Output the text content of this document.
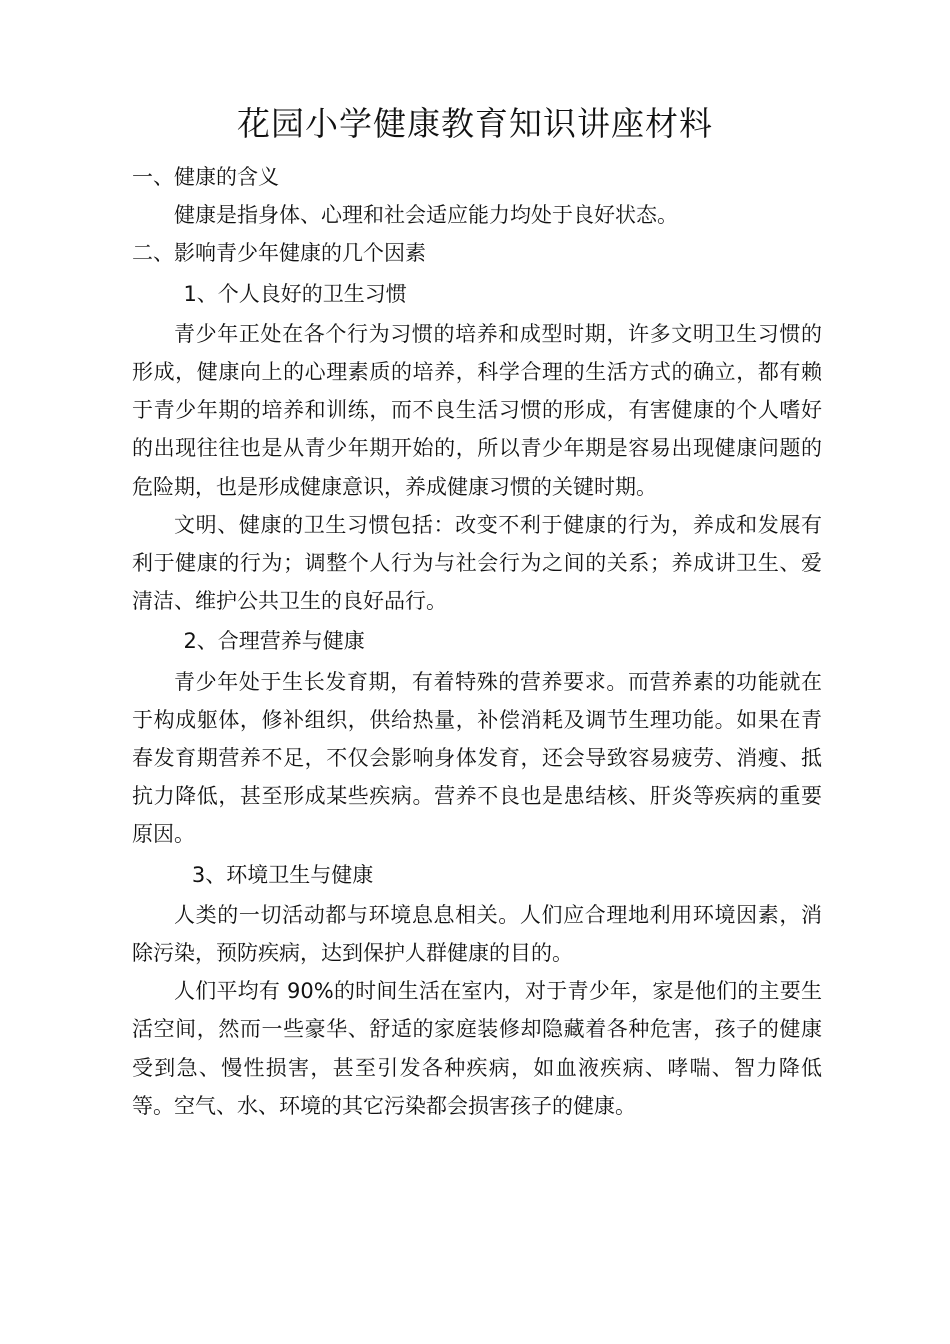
花园小学健康教育知识讲座材料
一、健康的含义

健康是指身体、心理和社会适应能力均处于良好状态。

二、影响青少年健康的几个因素

1、个人良好的卫生习惯

青少年正处在各个行为习惯的培养和成型时期，许多文明卫生习惯的形成，健康向上的心理素质的培养，科学合理的生活方式的确立，都有赖于青少年期的培养和训练，而不良生活习惯的形成，有害健康的个人嗜好的出现往往也是从青少年期开始的，所以青少年期是容易出现健康问题的危险期，也是形成健康意识，养成健康习惯的关键时期。

文明、健康的卫生习惯包括：改变不利于健康的行为，养成和发展有利于健康的行为；调整个人行为与社会行为之间的关系；养成讲卫生、爱清洁、维护公共卫生的良好品行。

2、合理营养与健康

青少年处于生长发育期，有着特殊的营养要求。而营养素的功能就在于构成躯体，修补组织，供给热量，补偿消耗及调节生理功能。如果在青春发育期营养不足，不仅会影响身体发育，还会导致容易疲劳、消瘦、抵抗力降低，甚至形成某些疾病。营养不良也是患结核、肝炎等疾病的重要原因。

3、环境卫生与健康

人类的一切活动都与环境息息相关。人们应合理地利用环境因素，消除污染，预防疾病，达到保护人群健康的目的。

人们平均有 90%的时间生活在室内，对于青少年，家是他们的主要生活空间，然而一些豪华、舒适的家庭装修却隐藏着各种危害，孩子的健康受到急、慢性损害，甚至引发各种疾病，如血液疾病、哮喘、智力降低等。空气、水、环境的其它污染都会损害孩子的健康。
